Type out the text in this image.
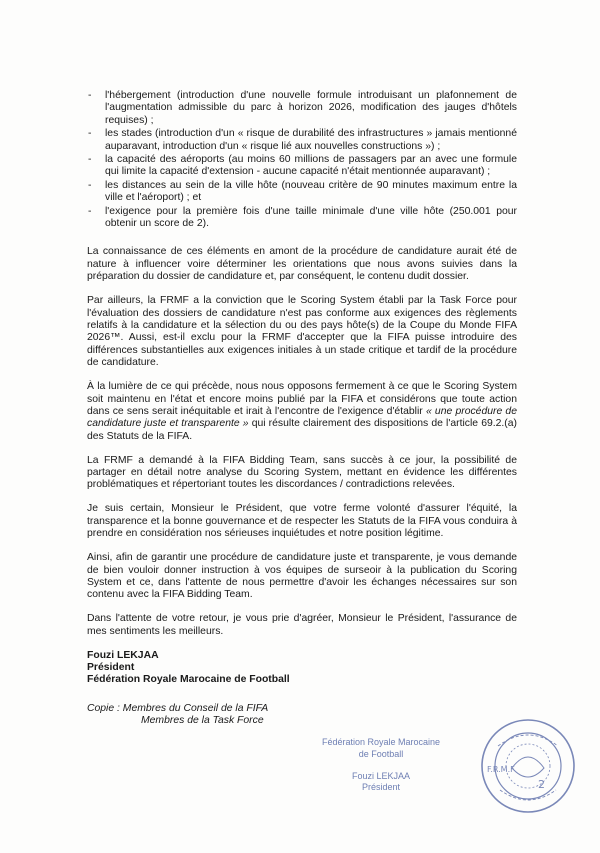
- l'hébergement (introduction d'une nouvelle formule introduisant un plafonnement de l'augmentation admissible du parc à horizon 2026, modification des jauges d'hôtels requises) ;
- les stades (introduction d'un « risque de durabilité des infrastructures » jamais mentionné auparavant, introduction d'un « risque lié aux nouvelles constructions ») ;
- la capacité des aéroports (au moins 60 millions de passagers par an avec une formule qui limite la capacité d'extension - aucune capacité n'était mentionnée auparavant) ;
- les distances au sein de la ville hôte (nouveau critère de 90 minutes maximum entre la ville et l'aéroport) ; et
- l'exigence pour la première fois d'une taille minimale d'une ville hôte (250.001 pour obtenir un score de 2).

La connaissance de ces éléments en amont de la procédure de candidature aurait été de nature à influencer voire déterminer les orientations que nous avons suivies dans la préparation du dossier de candidature et, par conséquent, le contenu dudit dossier.

Par ailleurs, la FRMF a la conviction que le Scoring System établi par la Task Force pour l'évaluation des dossiers de candidature n'est pas conforme aux exigences des règlements relatifs à la candidature et la sélection du ou des pays hôte(s) de la Coupe du Monde FIFA 2026™. Aussi, est-il exclu pour la FRMF d'accepter que la FIFA puisse introduire des différences substantielles aux exigences initiales à un stade critique et tardif de la procédure de candidature.

À la lumière de ce qui précède, nous nous opposons fermement à ce que le Scoring System soit maintenu en l'état et encore moins publié par la FIFA et considérons que toute action dans ce sens serait inéquitable et irait à l'encontre de l'exigence d'établir « une procédure de candidature juste et transparente » qui résulte clairement des dispositions de l'article 69.2.(a) des Statuts de la FIFA.

La FRMF a demandé à la FIFA Bidding Team, sans succès à ce jour, la possibilité de partager en détail notre analyse du Scoring System, mettant en évidence les différentes problématiques et répertoriant toutes les discordances / contradictions relevées.

Je suis certain, Monsieur le Président, que votre ferme volonté d'assurer l'équité, la transparence et la bonne gouvernance et de respecter les Statuts de la FIFA vous conduira à prendre en considération nos sérieuses inquiétudes et notre position légitime.

Ainsi, afin de garantir une procédure de candidature juste et transparente, je vous demande de bien vouloir donner instruction à vos équipes de surseoir à la publication du Scoring System et ce, dans l'attente de nous permettre d'avoir les échanges nécessaires sur son contenu avec la FIFA Bidding Team.

Dans l'attente de votre retour, je vous prie d'agréer, Monsieur le Président, l'assurance de mes sentiments les meilleurs.

Fouzi LEKJAA
Président
Fédération Royale Marocaine de Football
Copie : Membres du Conseil de la FIFA
Membres de la Task Force
Fédération Royale Marocaine
de Football
Fouzi LEKJAA
Président
F.R.M.F
2
